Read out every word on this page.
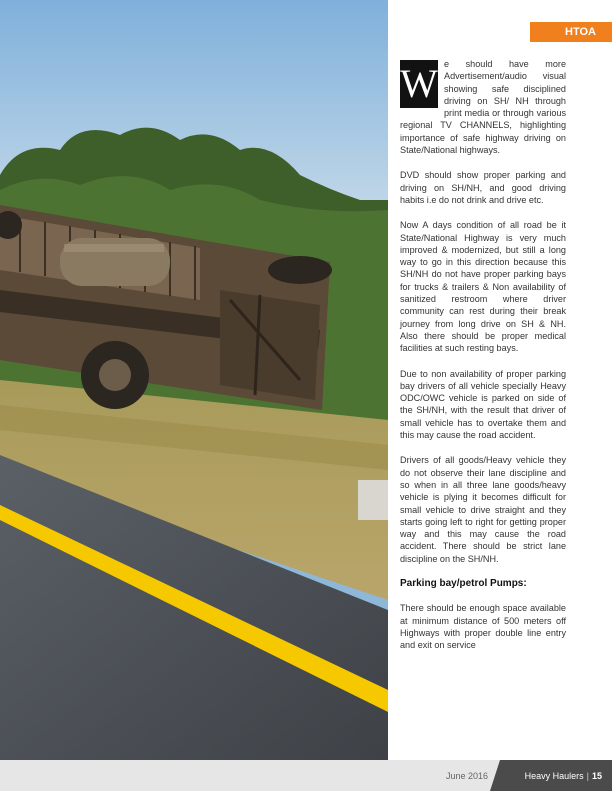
HTOA

W e should have more Advertisement/audio visual showing safe disciplined driving on SH/ NH through print media or through various regional TV CHANNELS, highlighting importance of safe highway driving on State/National highways.

DVD should show proper parking and driving on SH/NH, and good driving habits i.e do not drink and drive etc.

Now A days condition of all road be it State/National Highway is very much improved & modernized, but still a long way to go in this direction because this SH/NH do not have proper parking bays for trucks & trailers & Non availability of sanitized restroom where driver community can rest during their break journey from long drive on SH & NH. Also there should be proper medical facilities at such resting bays.

Due to non availability of proper parking bay drivers of all vehicle specially Heavy ODC/OWC vehicle is parked on side of the SH/NH, with the result that driver of small vehicle has to overtake them and this may cause the road accident.

Drivers of all goods/Heavy vehicle they do not observe their lane discipline and so when in all three lane goods/heavy vehicle is plying it becomes difficult for small vehicle to drive straight and they starts going left to right for getting proper way and this may cause the road accident. There should be strict lane discipline on the SH/NH.

Parking bay/petrol Pumps:

There should be enough space available at minimum distance of 500 meters off Highways with proper double line entry and exit on service

June 2016	Heavy Haulers | 15
